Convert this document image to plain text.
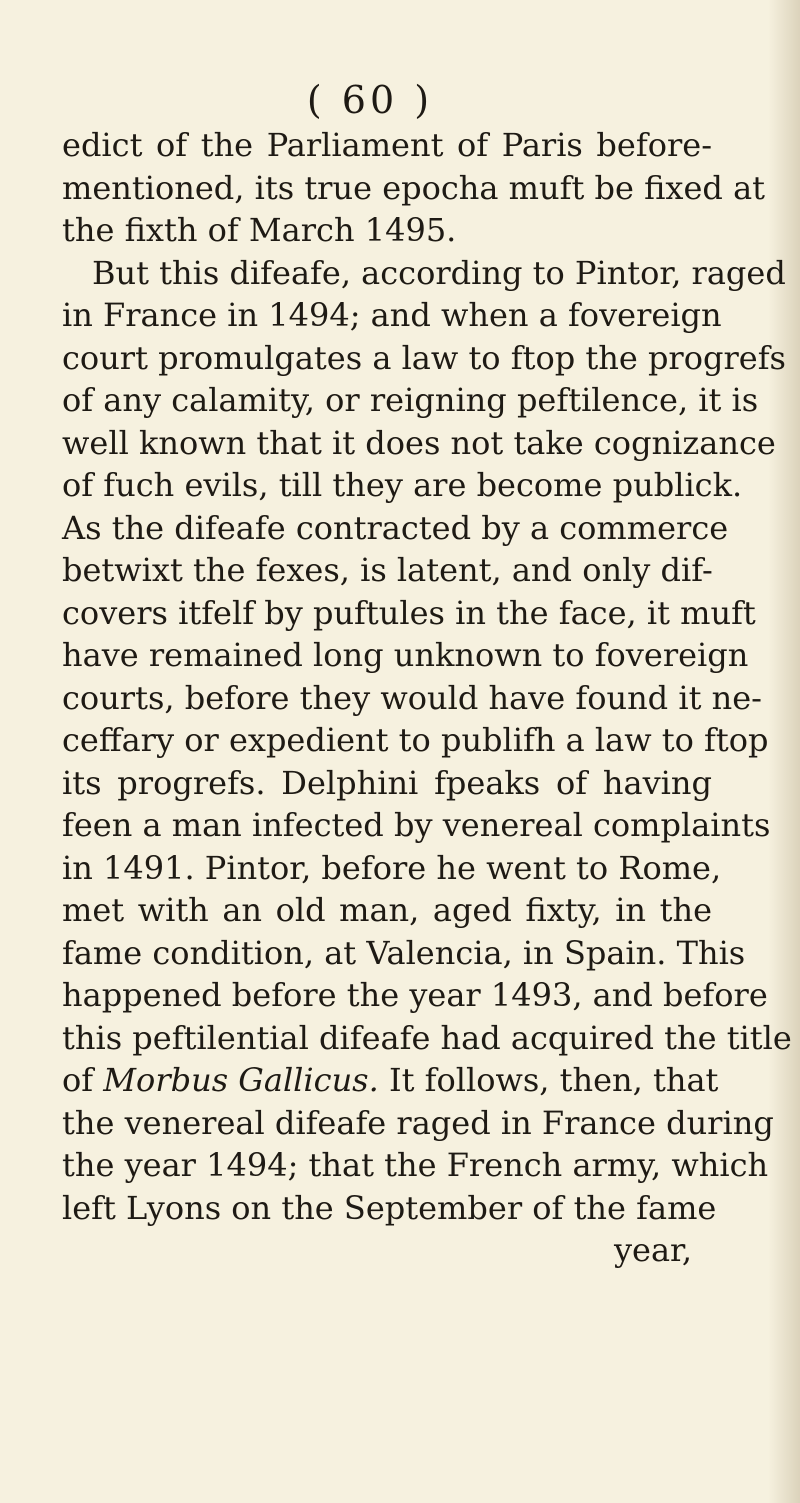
( 60 )
edict of the Parliament of Paris before-
mentioned, its true epocha muft be fixed at
the fixth of March 1495.
But this difeafe, according to Pintor, raged
in France in 1494; and when a fovereign
court promulgates a law to ftop the progrefs
of any calamity, or reigning peftilence, it is
well known that it does not take cognizance
of fuch evils, till they are become publick.
As the difeafe contracted by a commerce
betwixt the fexes, is latent, and only dif-
covers itfelf by puftules in the face, it muft
have remained long unknown to fovereign
courts, before they would have found it ne-
ceffary or expedient to publifh a law to ftop
its progrefs. Delphini fpeaks of having
feen a man infected by venereal complaints
in 1491. Pintor, before he went to Rome,
met with an old man, aged fixty, in the
fame condition, at Valencia, in Spain. This
happened before the year 1493, and before
this peftilential difeafe had acquired the title
of Morbus Gallicus. It follows, then, that
the venereal difeafe raged in France during
the year 1494; that the French army, which
left Lyons on the September of the fame
year,
